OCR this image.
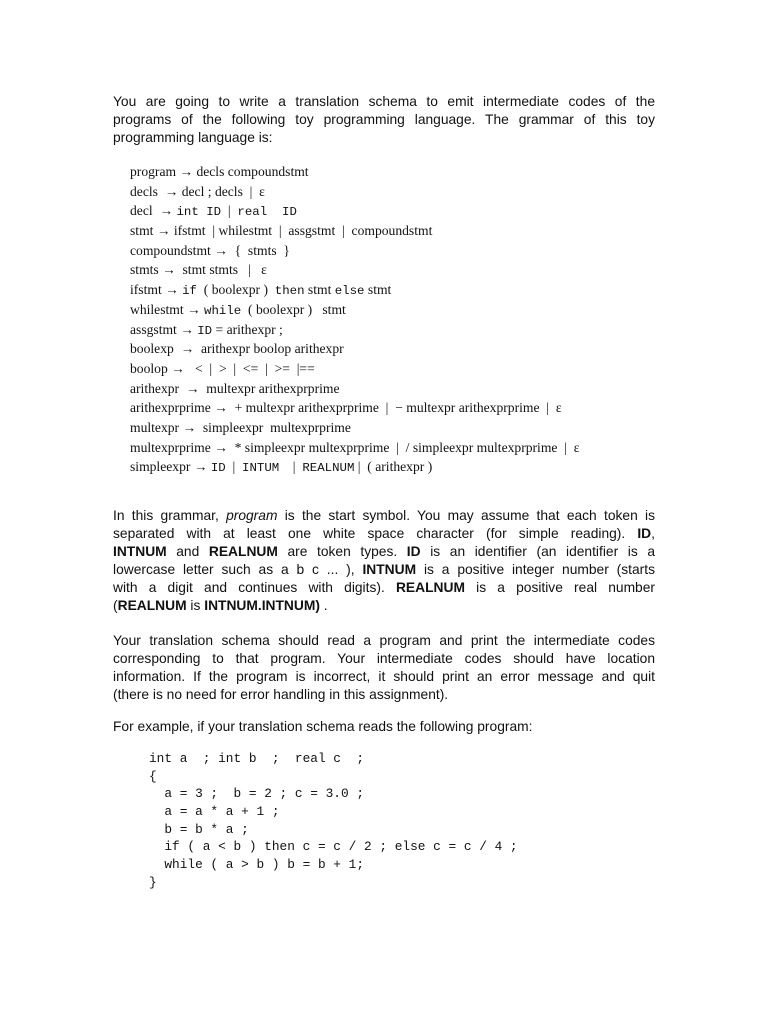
You are going to write a translation schema to emit intermediate codes of the
programs of the following toy programming language. The grammar of this toy
programming language is:
program → decls compoundstmt
decls  → decl ; decls  |  ε
decl  → int ID  |  real  ID
stmt → ifstmt  | whilestmt  |  assgstmt  |  compoundstmt
compoundstmt →  {  stmts  }
stmts →  stmt stmts   |   ε
ifstmt → if  ( boolexpr )  then stmt else stmt
whilestmt → while  ( boolexpr )   stmt
assgstmt → ID = arithexpr ;
boolexp  →  arithexpr boolop arithexpr
boolop →   <  |  >  |  <=  |  >=  |==
arithexpr  →  multexpr arithexprprime
arithexprprime →  + multexpr arithexprprime  |  − multexpr arithexprprime  |  ε
multexpr →  simpleexpr  multexprprime
multexprprime →  * simpleexpr multexprprime  |  / simpleexpr multexprprime  |  ε
simpleexpr → ID  |  INTUM    |  REALNUM |  ( arithexpr )
In this grammar, program is the start symbol. You may assume that each token is
separated with at least one white space character (for simple reading). ID,
INTNUM and REALNUM are token types. ID is an identifier (an identifier is a
lowercase letter such as a b c ... ), INTNUM is a positive integer number (starts
with a digit and continues with digits). REALNUM is a positive real number
(REALNUM is INTNUM.INTNUM) .
Your translation schema should read a program and print the intermediate codes
corresponding to that program. Your intermediate codes should have location
information. If the program is incorrect, it should print an error message and quit
(there is no need for error handling in this assignment).
For example, if your translation schema reads the following program:
int a  ; int b  ;  real c  ;
{
a = 3 ;  b = 2 ; c = 3.0 ;
a = a * a + 1 ;
b = b * a ;
if ( a < b ) then c = c / 2 ; else c = c / 4 ;
while ( a > b ) b = b + 1;
}
